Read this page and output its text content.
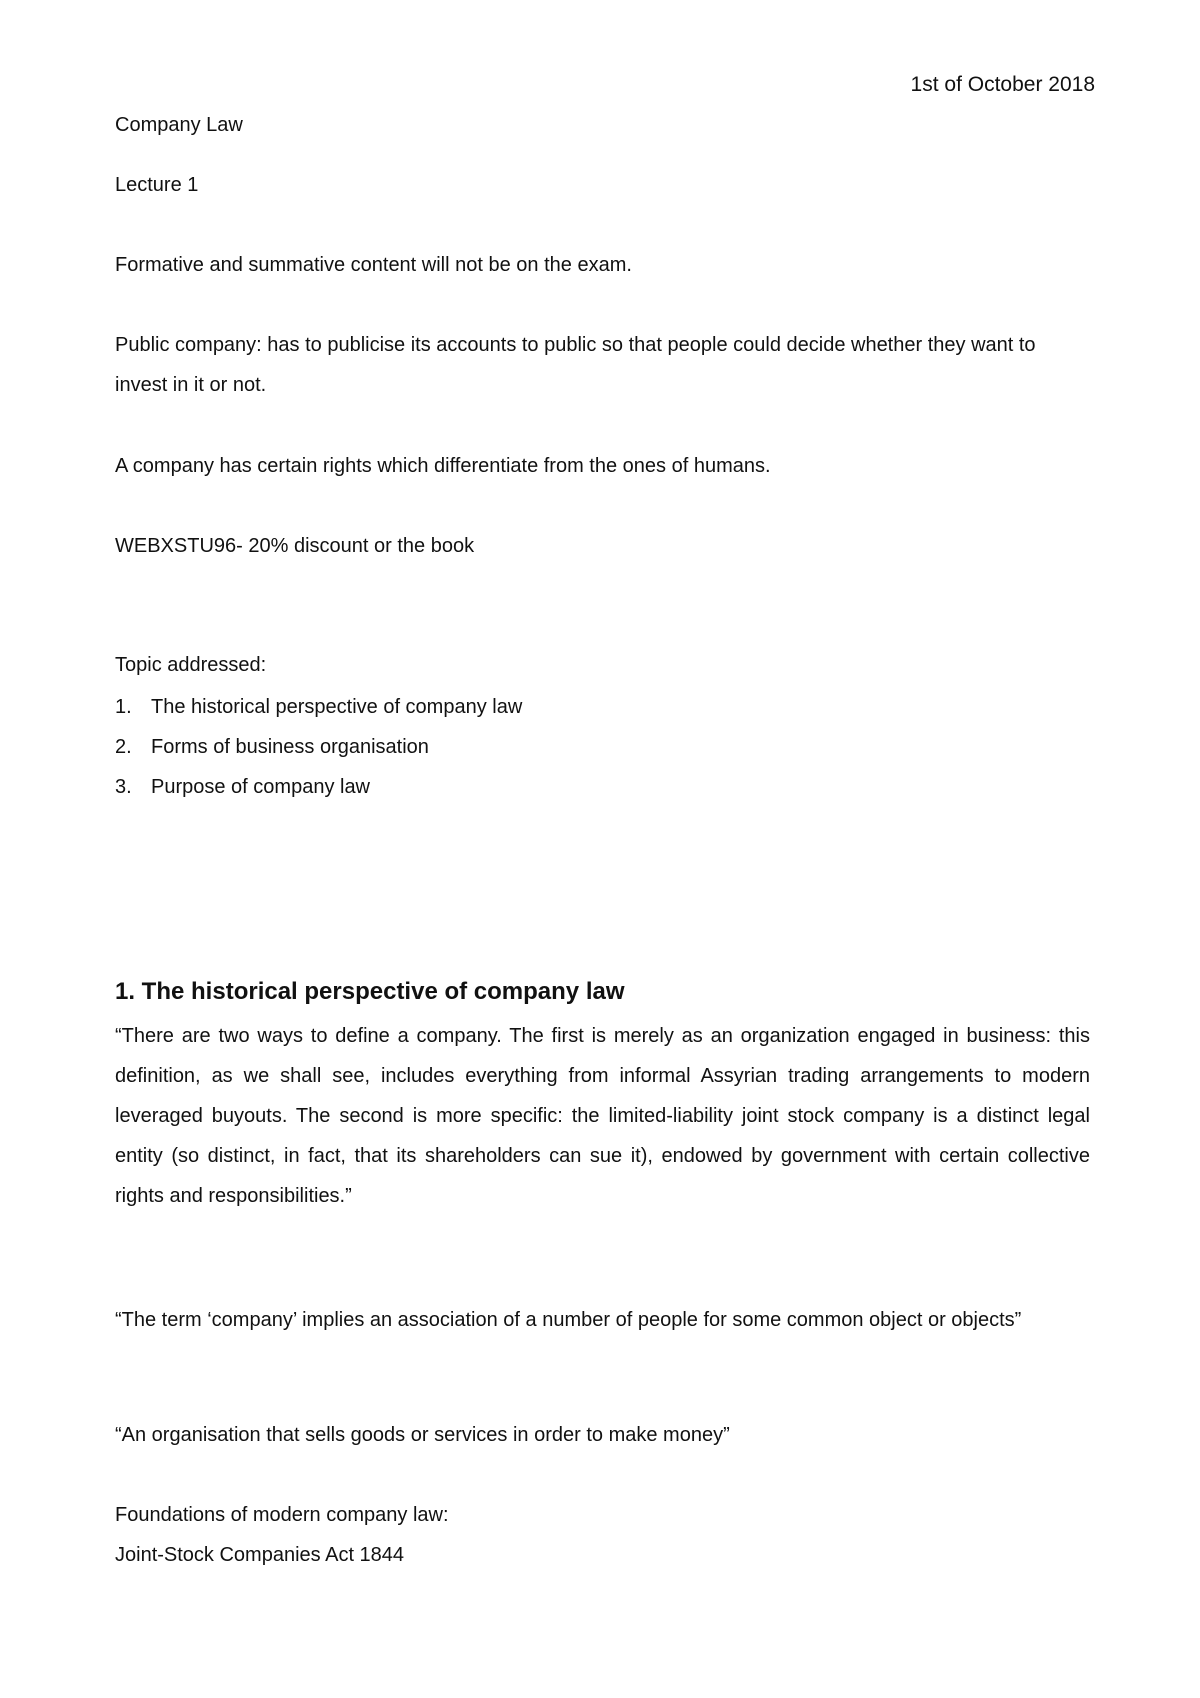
1st of October 2018
Company Law
Lecture 1
Formative and summative content will not be on the exam.

Public company: has to publicise its accounts to public so that people could decide whether they want to invest in it or not.

A company has certain rights which differentiate from the ones of humans.
WEBXSTU96- 20% discount or the book
Topic addressed:
1. The historical perspective of company law
2. Forms of business organisation
3. Purpose of company law
1. The historical perspective of company law

“There are two ways to define a company. The first is merely as an organization engaged in business: this definition, as we shall see, includes everything from informal Assyrian trading arrangements to modern leveraged buyouts. The second is more specific: the limited-liability joint stock company is a distinct legal entity (so distinct, in fact, that its shareholders can sue it), endowed by government with certain collective rights and responsibilities.”

“The term ‘company’ implies an association of a number of people for some common object or objects”

“An organisation that sells goods or services in order to make money”
Foundations of modern company law:
Joint-Stock Companies Act 1844
